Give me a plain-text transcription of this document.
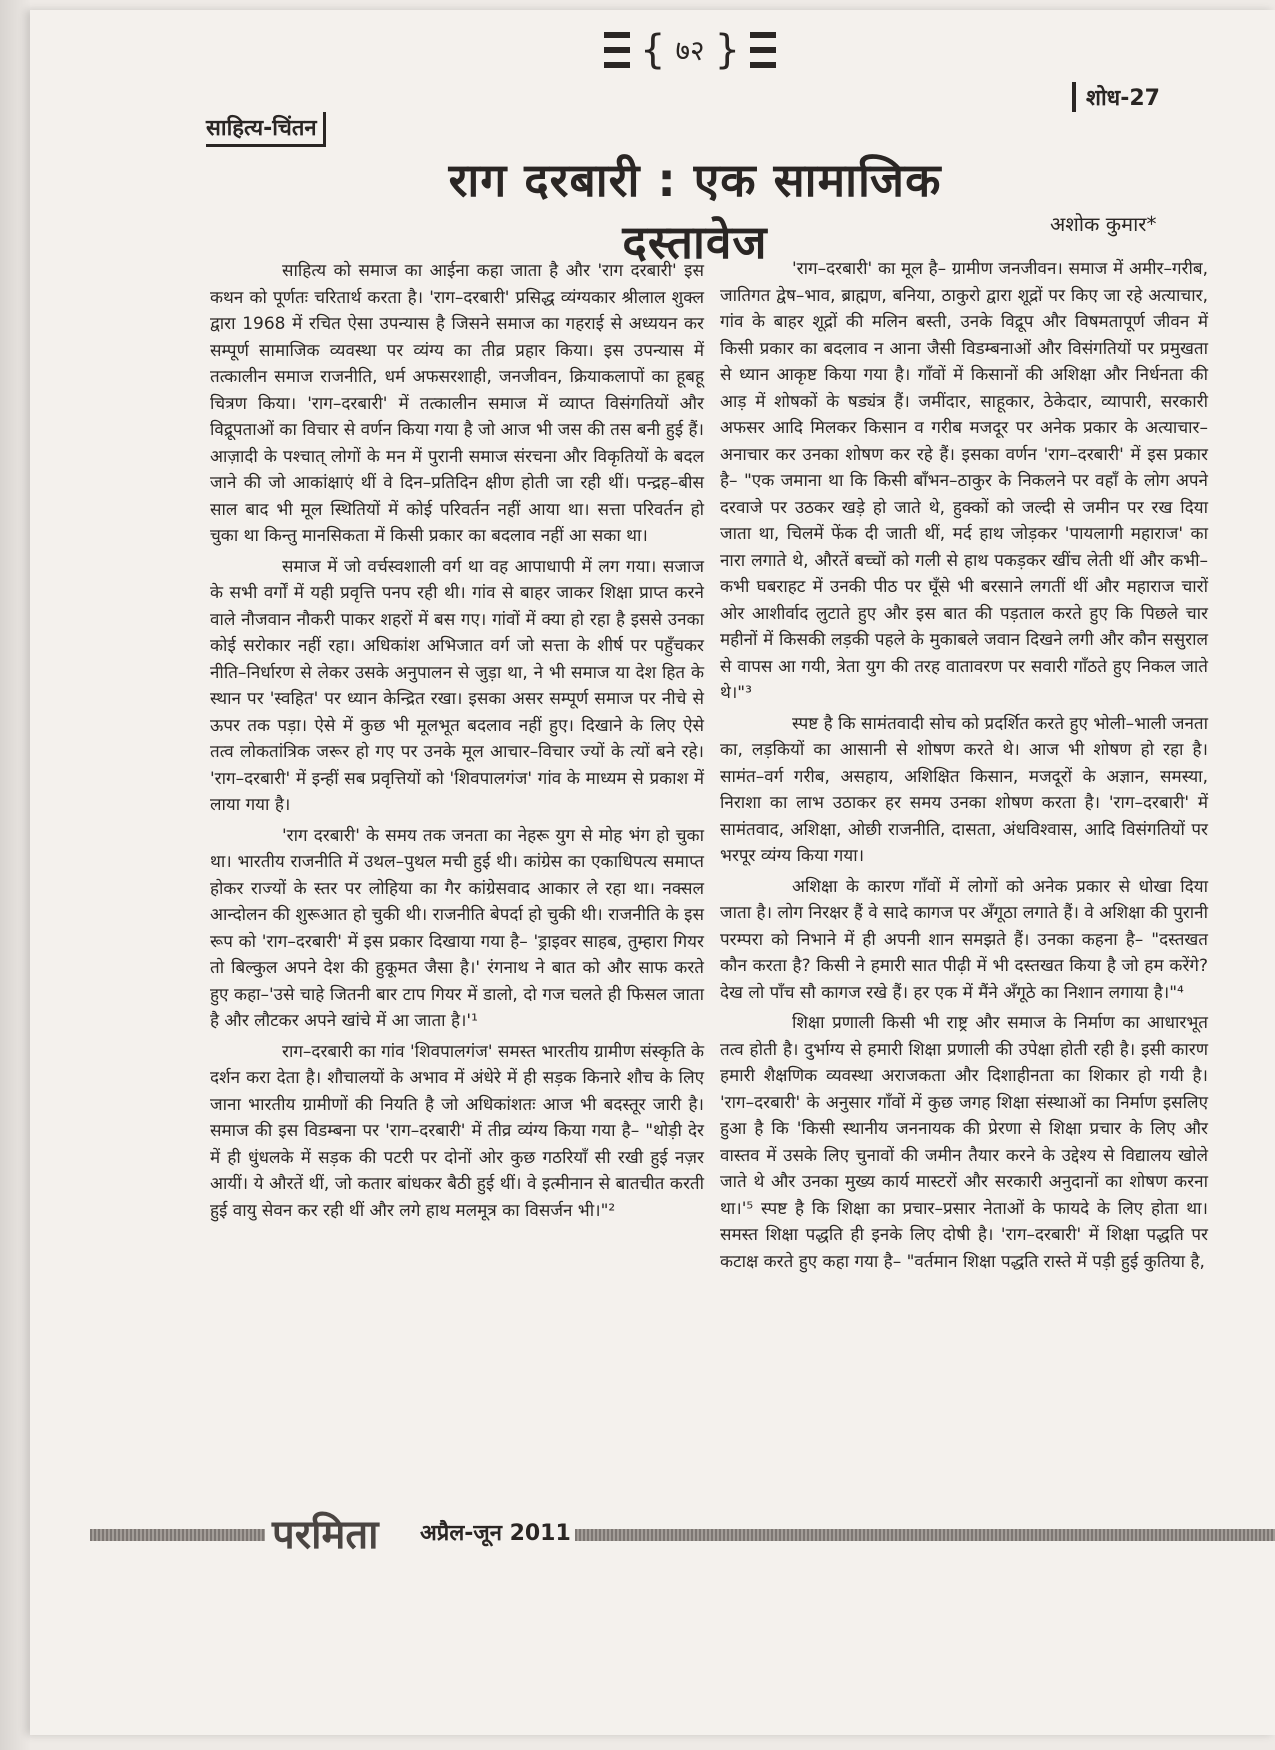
{ ७२ }
शोध-27
साहित्य-चिंतन
राग दरबारी : एक सामाजिक दस्तावेज	अशोक कुमार*

साहित्य को समाज का आईना कहा जाता है और 'राग दरबारी' इस कथन को पूर्णतः चरितार्थ करता है। 'राग–दरबारी' प्रसिद्ध व्यंग्यकार श्रीलाल शुक्ल द्वारा 1968 में रचित ऐसा उपन्यास है जिसने समाज का गहराई से अध्ययन कर सम्पूर्ण सामाजिक व्यवस्था पर व्यंग्य का तीव्र प्रहार किया। इस उपन्यास में तत्कालीन समाज राजनीति, धर्म अफसरशाही, जनजीवन, क्रियाकलापों का हूबहू चित्रण किया। 'राग–दरबारी' में तत्कालीन समाज में व्याप्त विसंगतियों और विद्रूपताओं का विचार से वर्णन किया गया है जो आज भी जस की तस बनी हुई हैं। आज़ादी के पश्चात् लोगों के मन में पुरानी समाज संरचना और विकृतियों के बदल जाने की जो आकांक्षाएं थीं वे दिन–प्रतिदिन क्षीण होती जा रही थीं। पन्द्रह–बीस साल बाद भी मूल स्थितियों में कोई परिवर्तन नहीं आया था। सत्ता परिवर्तन हो चुका था किन्तु मानसिकता में किसी प्रकार का बदलाव नहीं आ सका था।

समाज में जो वर्चस्वशाली वर्ग था वह आपाधापी में लग गया। सजाज के सभी वर्गों में यही प्रवृत्ति पनप रही थी। गांव से बाहर जाकर शिक्षा प्राप्त करने वाले नौजवान नौकरी पाकर शहरों में बस गए। गांवों में क्या हो रहा है इससे उनका कोई सरोकार नहीं रहा। अधिकांश अभिजात वर्ग जो सत्ता के शीर्ष पर पहुँचकर नीति–निर्धारण से लेकर उसके अनुपालन से जुड़ा था, ने भी समाज या देश हित के स्थान पर 'स्वहित' पर ध्यान केन्द्रित रखा। इसका असर सम्पूर्ण समाज पर नीचे से ऊपर तक पड़ा। ऐसे में कुछ भी मूलभूत बदलाव नहीं हुए। दिखाने के लिए ऐसे तत्व लोकतांत्रिक जरूर हो गए पर उनके मूल आचार–विचार ज्यों के त्यों बने रहे। 'राग–दरबारी' में इन्हीं सब प्रवृत्तियों को 'शिवपालगंज' गांव के माध्यम से प्रकाश में लाया गया है।

'राग दरबारी' के समय तक जनता का नेहरू युग से मोह भंग हो चुका था। भारतीय राजनीति में उथल–पुथल मची हुई थी। कांग्रेस का एकाधिपत्य समाप्त होकर राज्यों के स्तर पर लोहिया का गैर कांग्रेसवाद आकार ले रहा था। नक्सल आन्दोलन की शुरूआत हो चुकी थी। राजनीति बेपर्दा हो चुकी थी। राजनीति के इस रूप को 'राग–दरबारी' में इस प्रकार दिखाया गया है– 'ड्राइवर साहब, तुम्हारा गियर तो बिल्कुल अपने देश की हुकूमत जैसा है।' रंगनाथ ने बात को और साफ करते हुए कहा–'उसे चाहे जितनी बार टाप गियर में डालो, दो गज चलते ही फिसल जाता है और लौटकर अपने खांचे में आ जाता है।'¹

राग–दरबारी का गांव 'शिवपालगंज' समस्त भारतीय ग्रामीण संस्कृति के दर्शन करा देता है। शौचालयों के अभाव में अंधेरे में ही सड़क किनारे शौच के लिए जाना भारतीय ग्रामीणों की नियति है जो अधिकांशतः आज भी बदस्तूर जारी है। समाज की इस विडम्बना पर 'राग–दरबारी' में तीव्र व्यंग्य किया गया है– "थोड़ी देर में ही धुंधलके में सड़क की पटरी पर दोनों ओर कुछ गठरियाँ सी रखी हुई नज़र आयीं। ये औरतें थीं, जो कतार बांधकर बैठी हुई थीं। वे इत्मीनान से बातचीत करती हुई वायु सेवन कर रही थीं और लगे हाथ मलमूत्र का विसर्जन भी।"²

'राग–दरबारी' का मूल है– ग्रामीण जनजीवन। समाज में अमीर–गरीब, जातिगत द्वेष–भाव, ब्राह्मण, बनिया, ठाकुरो द्वारा शूद्रों पर किए जा रहे अत्याचार, गांव के बाहर शूद्रों की मलिन बस्ती, उनके विद्रूप और विषमतापूर्ण जीवन में किसी प्रकार का बदलाव न आना जैसी विडम्बनाओं और विसंगतियों पर प्रमुखता से ध्यान आकृष्ट किया गया है। गाँवों में किसानों की अशिक्षा और निर्धनता की आड़ में शोषकों के षड्यंत्र हैं। जमींदार, साहूकार, ठेकेदार, व्यापारी, सरकारी अफसर आदि मिलकर किसान व गरीब मजदूर पर अनेक प्रकार के अत्याचार–अनाचार कर उनका शोषण कर रहे हैं। इसका वर्णन 'राग–दरबारी' में इस प्रकार है– "एक जमाना था कि किसी बाँभन–ठाकुर के निकलने पर वहाँ के लोग अपने दरवाजे पर उठकर खड़े हो जाते थे, हुक्कों को जल्दी से जमीन पर रख दिया जाता था, चिलमें फेंक दी जाती थीं, मर्द हाथ जोड़कर 'पायलागी महाराज' का नारा लगाते थे, औरतें बच्चों को गली से हाथ पकड़कर खींच लेती थीं और कभी–कभी घबराहट में उनकी पीठ पर घूँसे भी बरसाने लगतीं थीं और महाराज चारों ओर आशीर्वाद लुटाते हुए और इस बात की पड़ताल करते हुए कि पिछले चार महीनों में किसकी लड़की पहले के मुकाबले जवान दिखने लगी और कौन ससुराल से वापस आ गयी, त्रेता युग की तरह वातावरण पर सवारी गाँठते हुए निकल जाते थे।"³

स्पष्ट है कि सामंतवादी सोच को प्रदर्शित करते हुए भोली–भाली जनता का, लड़कियों का आसानी से शोषण करते थे। आज भी शोषण हो रहा है। सामंत–वर्ग गरीब, असहाय, अशिक्षित किसान, मजदूरों के अज्ञान, समस्या, निराशा का लाभ उठाकर हर समय उनका शोषण करता है। 'राग–दरबारी' में सामंतवाद, अशिक्षा, ओछी राजनीति, दासता, अंधविश्वास, आदि विसंगतियों पर भरपूर व्यंग्य किया गया।

अशिक्षा के कारण गाँवों में लोगों को अनेक प्रकार से धोखा दिया जाता है। लोग निरक्षर हैं वे सादे कागज पर अँगूठा लगाते हैं। वे अशिक्षा की पुरानी परम्परा को निभाने में ही अपनी शान समझते हैं। उनका कहना है– "दस्तखत कौन करता है? किसी ने हमारी सात पीढ़ी में भी दस्तखत किया है जो हम करेंगे?देख लो पाँच सौ कागज रखे हैं। हर एक में मैंने अँगूठे का निशान लगाया है।"⁴

शिक्षा प्रणाली किसी भी राष्ट्र और समाज के निर्माण का आधारभूत तत्व होती है। दुर्भाग्य से हमारी शिक्षा प्रणाली की उपेक्षा होती रही है। इसी कारण हमारी शैक्षणिक व्यवस्था अराजकता और दिशाहीनता का शिकार हो गयी है। 'राग–दरबारी' के अनुसार गाँवों में कुछ जगह शिक्षा संस्थाओं का निर्माण इसलिए हुआ है कि 'किसी स्थानीय जननायक की प्रेरणा से शिक्षा प्रचार के लिए और वास्तव में उसके लिए चुनावों की जमीन तैयार करने के उद्देश्य से विद्यालय खोले जाते थे और उनका मुख्य कार्य मास्टरों और सरकारी अनुदानों का शोषण करना था।'⁵ स्पष्ट है कि शिक्षा का प्रचार–प्रसार नेताओं के फायदे के लिए होता था। समस्त शिक्षा पद्धति ही इनके लिए दोषी है। 'राग–दरबारी' में शिक्षा पद्धति पर कटाक्ष करते हुए कहा गया है– "वर्तमान शिक्षा पद्धति रास्ते में पड़ी हुई कुतिया है,

परमिता अप्रैल-जून 2011
